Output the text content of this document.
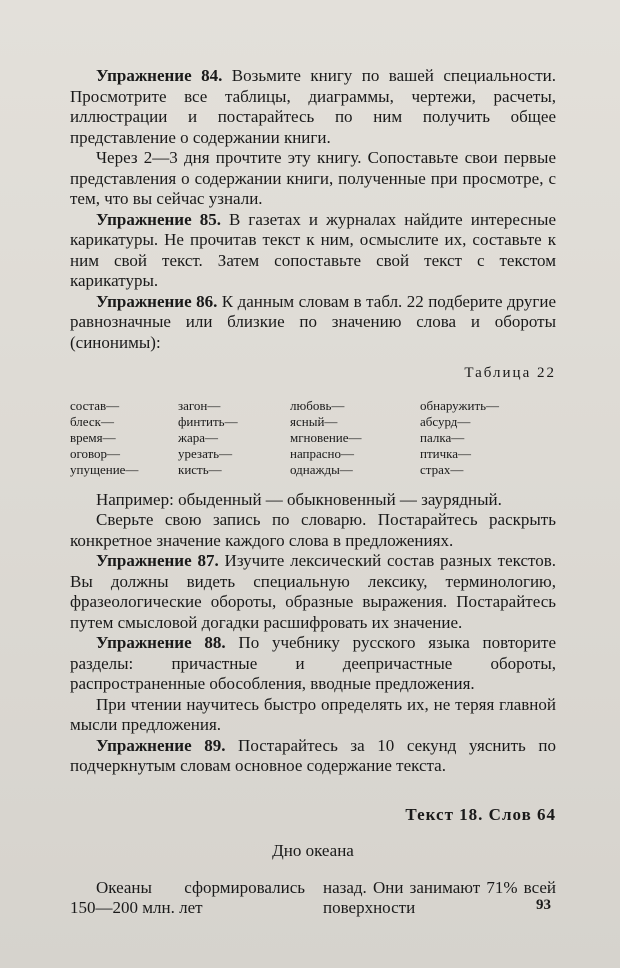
Упражнение 84. Возьмите книгу по вашей специальности. Просмотрите все таблицы, диаграммы, чертежи, расчеты, иллюстрации и постарайтесь по ним получить общее представление о содержании книги.

Через 2—3 дня прочтите эту книгу. Сопоставьте свои первые представления о содержании книги, полученные при просмотре, с тем, что вы сейчас узнали.

Упражнение 85. В газетах и журналах найдите интересные карикатуры. Не прочитав текст к ним, осмыслите их, составьте к ним свой текст. Затем сопоставьте свой текст с текстом карикатуры.

Упражнение 86. К данным словам в табл. 22 подберите другие равнозначные или близкие по значению слова и обороты (синонимы):

Таблица 22
состав—	загон—	любовь—	обнаружить—
блеск—	финтить—	ясный—	абсурд—
время—	жара—	мгновение—	палка—
оговор—	урезать—	напрасно—	птичка—
упущение—	кисть—	однажды—	страх—

Например: обыденный — обыкновенный — заурядный.

Сверьте свою запись по словарю. Постарайтесь раскрыть конкретное значение каждого слова в предложениях.

Упражнение 87. Изучите лексический состав разных текстов. Вы должны видеть специальную лексику, терминологию, фразеологические обороты, образные выражения. Постарайтесь путем смысловой догадки расшифровать их значение.

Упражнение 88. По учебнику русского языка повторите разделы: причастные и деепричастные обороты, распространенные обособления, вводные предложения.

При чтении научитесь быстро определять их, не теряя главной мысли предложения.

Упражнение 89. Постарайтесь за 10 секунд уяснить по подчеркнутым словам основное содержание текста.

Текст 18. Слов 64
Дно океана
Океаны сформировались 150—200 млн. лет
назад. Они занимают 71% всей поверхности	93
